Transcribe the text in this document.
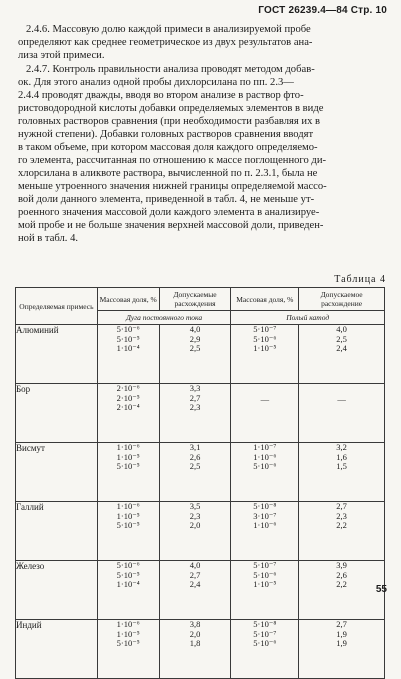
ГОСТ 26239.4—84 Стр. 10

2.4.6. Массовую долю каждой примеси в анализируемой пробе
определяют как среднее геометрическое из двух результатов ана-
лиза этой примеси.

2.4.7. Контроль правильности анализа проводят методом добав-
ок. Для этого анализ одной пробы дихлорсилана по пп. 2.3—
2.4.4 проводят дважды, вводя во втором анализе в раствор фто-
ристоводородной кислоты добавки определяемых элементов в виде
головных растворов сравнения (при необходимости разбавляя их в
нужной степени). Добавки головных растворов сравнения вводят
в таком объеме, при котором массовая доля каждого определяемо-
го элемента, рассчитанная по отношению к массе поглощенного ди-
хлорсилана в аликвоте раствора, вычисленной по п. 2.3.1, была не
меньше утроенного значения нижней границы определяемой массо-
вой доли данного элемента, приведенной в табл. 4, не меньше ут-
роенного значения массовой доли каждого элемента в анализируе-
мой пробе и не больше значения верхней массовой доли, приведен-
ной в табл. 4.

Таблица 4
Определяемая примесь	Массовая доля, %	Допускаемые расхождения	Массовая доля, %	Допускаемое расхождение
	Дуга постоянного тока		Полый катод	
Алюминий	5·10⁻⁶
5·10⁻⁵
1·10⁻⁴	4,0
2,9
2,5	5·10⁻⁷
5·10⁻⁶
1·10⁻⁵	4,0
2,5
2,4

Бор	2·10⁻⁶
2·10⁻⁵
2·10⁻⁴	3,3
2,7
2,3	—	—

Висмут	1·10⁻⁶
1·10⁻⁵
5·10⁻⁵	3,1
2,6
2,5	1·10⁻⁷
1·10⁻⁶
5·10⁻⁶	3,2
1,6
1,5

Галлий	1·10⁻⁶
1·10⁻⁵
5·10⁻⁵	3,5
2,3
2,0	5·10⁻⁸
3·10⁻⁷
1·10⁻⁶	2,7
2,3
2,2

Железо	5·10⁻⁶
5·10⁻⁵
1·10⁻⁴	4,0
2,7
2,4	5·10⁻⁷
5·10⁻⁶
1·10⁻⁵	3,9
2,6
2,2

Индий	1·10⁻⁶
1·10⁻⁵
5·10⁻⁵	3,8
2,0
1,8	5·10⁻⁸
5·10⁻⁷
5·10⁻⁶	2,7
1,9
1,9
55
